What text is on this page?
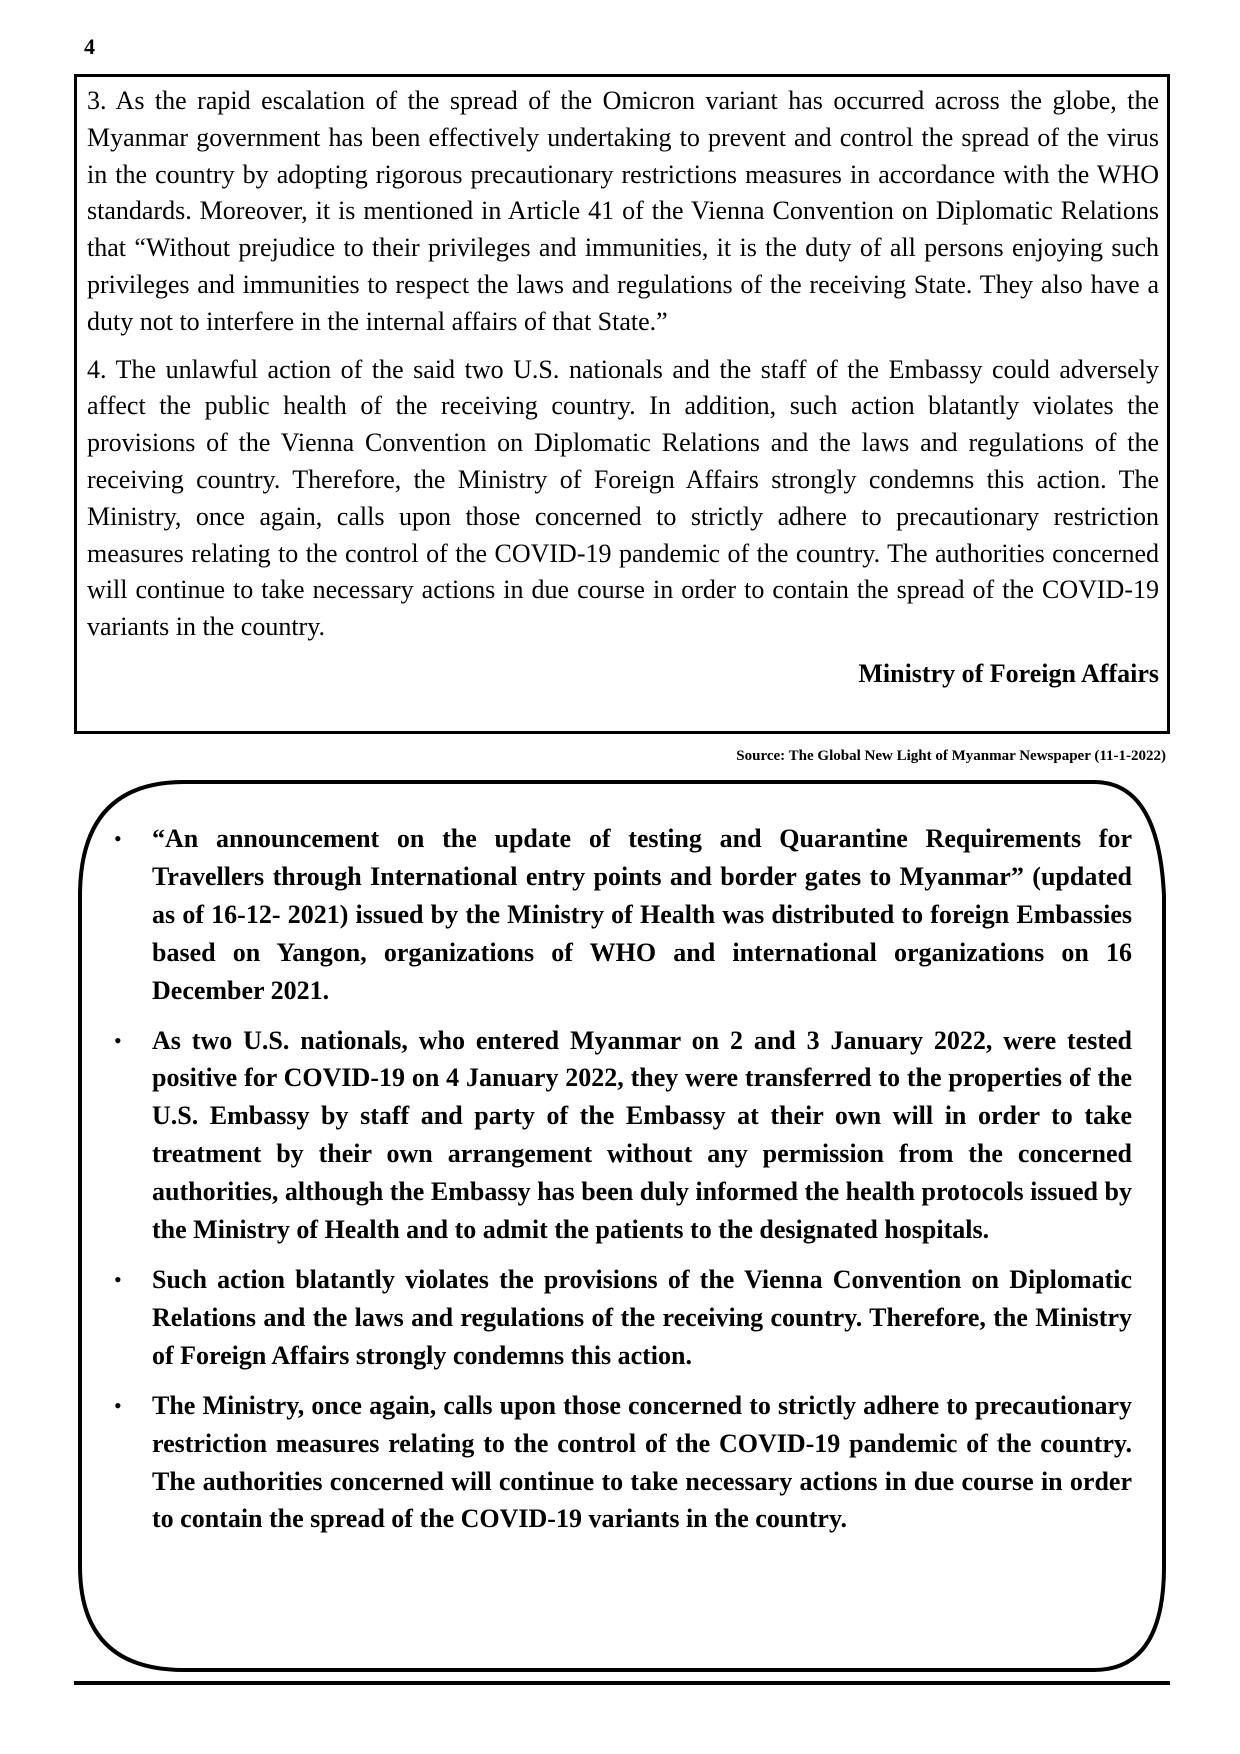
4

3. As the rapid escalation of the spread of the Omicron variant has occurred across the globe, the Myanmar government has been effectively undertaking to prevent and control the spread of the virus in the country by adopting rigorous precautionary restrictions measures in accordance with the WHO standards. Moreover, it is mentioned in Article 41 of the Vienna Convention on Diplomatic Relations that “Without prejudice to their privileges and immunities, it is the duty of all persons enjoying such privileges and immunities to respect the laws and regulations of the receiving State. They also have a duty not to interfere in the internal affairs of that State.”

4. The unlawful action of the said two U.S. nationals and the staff of the Embassy could adversely affect the public health of the receiving country. In addition, such action blatantly violates the provisions of the Vienna Convention on Diplomatic Relations and the laws and regulations of the receiving country. Therefore, the Ministry of Foreign Affairs strongly condemns this action. The Ministry, once again, calls upon those concerned to strictly adhere to precautionary restriction measures relating to the control of the COVID-19 pandemic of the country. The authorities concerned will continue to take necessary actions in due course in order to contain the spread of the COVID-19 variants in the country.

Ministry of Foreign Affairs
Source: The Global New Light of Myanmar Newspaper (11-1-2022)
• “An announcement on the update of testing and Quarantine Requirements for Travellers through International entry points and border gates to Myanmar” (updated as of 16-12- 2021) issued by the Ministry of Health was distributed to foreign Embassies based on Yangon, organizations of WHO and international organizations on 16 December 2021.
• As two U.S. nationals, who entered Myanmar on 2 and 3 January 2022, were tested positive for COVID-19 on 4 January 2022, they were transferred to the properties of the U.S. Embassy by staff and party of the Embassy at their own will in order to take treatment by their own arrangement without any permission from the concerned authorities, although the Embassy has been duly informed the health protocols issued by the Ministry of Health and to admit the patients to the designated hospitals.
• Such action blatantly violates the provisions of the Vienna Convention on Diplomatic Relations and the laws and regulations of the receiving country. Therefore, the Ministry of Foreign Affairs strongly condemns this action.
• The Ministry, once again, calls upon those concerned to strictly adhere to precautionary restriction measures relating to the control of the COVID-19 pandemic of the country. The authorities concerned will continue to take necessary actions in due course in order to contain the spread of the COVID-19 variants in the country.
